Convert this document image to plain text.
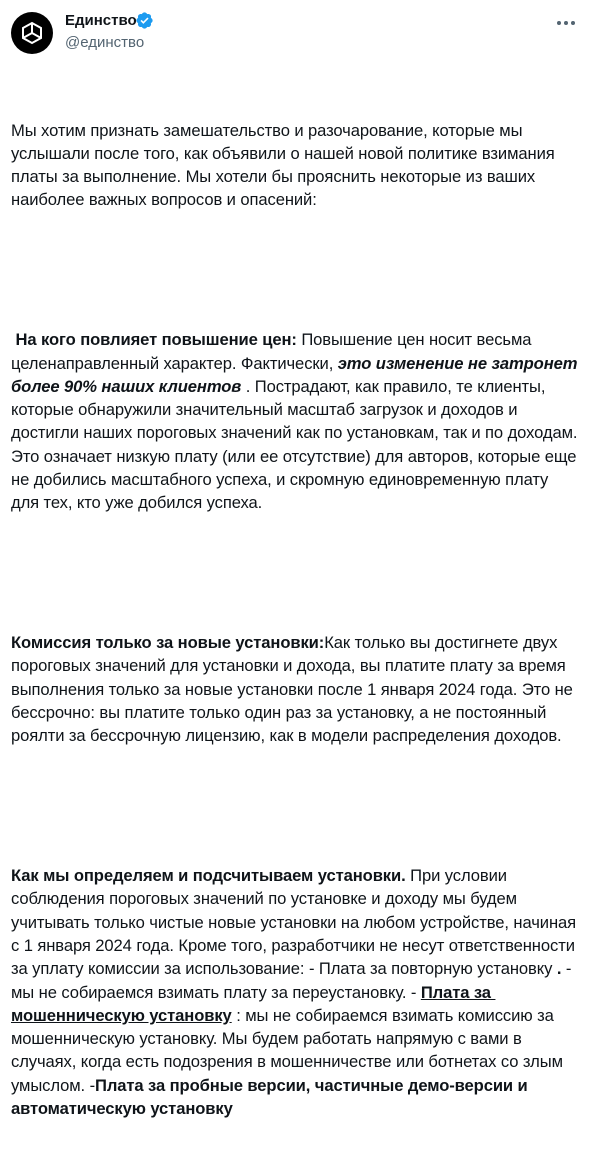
Единство
@единство

Мы хотим признать замешательство и разочарование, которые мы услышали после того, как объявили о нашей новой политике взимания платы за выполнение. Мы хотели бы прояснить некоторые из ваших наиболее важных вопросов и опасений:

На кого повлияет повышение цен: Повышение цен носит весьма целенаправленный характер. Фактически, это изменение не затронет более 90% наших клиентов . Пострадают, как правило, те клиенты, которые обнаружили значительный масштаб загрузок и доходов и достигли наших пороговых значений как по установкам, так и по доходам. Это означает низкую плату (или ее отсутствие) для авторов, которые еще не добились масштабного успеха, и скромную единовременную плату для тех, кто уже добился успеха.

Комиссия только за новые установки:Как только вы достигнете двух пороговых значений для установки и дохода, вы платите плату за время выполнения только за новые установки после 1 января 2024 года. Это не бессрочно: вы платите только один раз за установку, а не постоянный роялти за бессрочную лицензию, как в модели распределения доходов.

Как мы определяем и подсчитываем установки. При условии соблюдения пороговых значений по установке и доходу мы будем учитывать только чистые новые установки на любом устройстве, начиная с 1 января 2024 года. Кроме того, разработчики не несут ответственности за уплату комиссии за использование: - Плата за повторную установку . - мы не собираемся взимать плату за переустановку. - Плата за мошенническую установку : мы не собираемся взимать комиссию за мошенническую установку. Мы будем работать напрямую с вами в случаях, когда есть подозрения в мошенничестве или ботнетах со злым умыслом. -Плата за пробные версии, частичные демо-версии и автоматическую установку
